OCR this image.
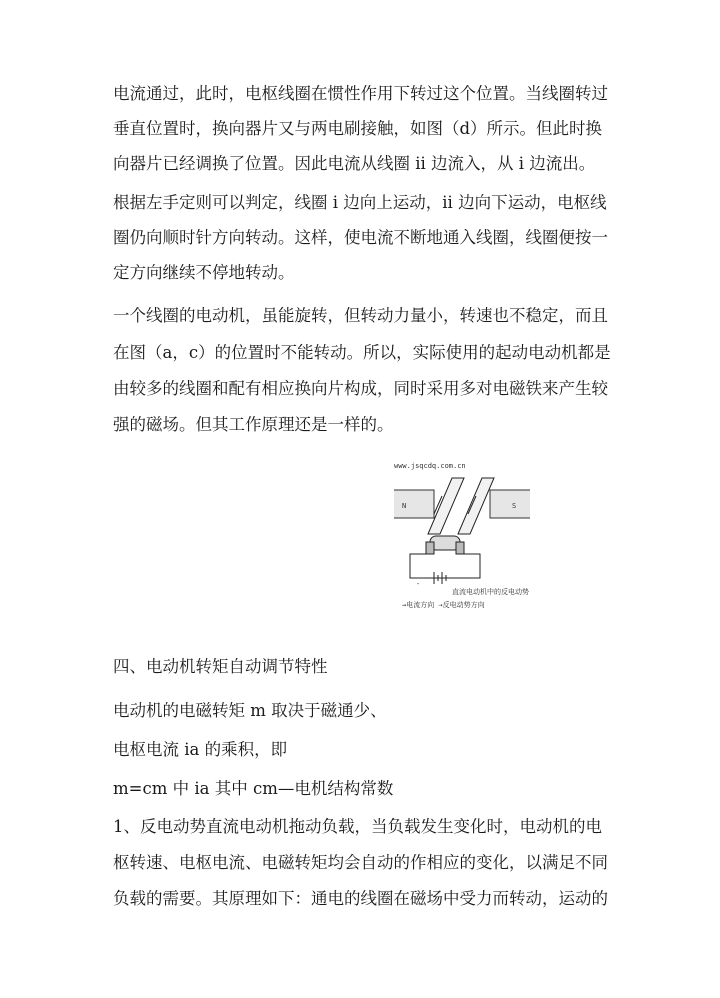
电流通过，此时，电枢线圈在惯性作用下转过这个位置。当线圈转过
垂直位置时，换向器片又与两电刷接触，如图（d）所示。但此时换
向器片已经调换了位置。因此电流从线圈 ii 边流入，从 i 边流出。
根据左手定则可以判定，线圈 i 边向上运动，ii 边向下运动，电枢线
圈仍向顺时针方向转动。这样，使电流不断地通入线圈，线圈便按一
定方向继续不停地转动。
一个线圈的电动机，虽能旋转，但转动力量小，转速也不稳定，而且
在图（a，c）的位置时不能转动。所以，实际使用的起动电动机都是
由较多的线圈和配有相应换向片构成，同时采用多对电磁铁来产生较
强的磁场。但其工作原理还是一样的。
www.jsqcdq.com.cn
N	S
-
直流电动机中的反电动势
→电流方向 ⇢反电动势方向
四、电动机转矩自动调节特性
电动机的电磁转矩 m 取决于磁通少、
电枢电流 ia 的乘积，即
m=cm 中 ia 其中 cm—电机结构常数
1、反电动势直流电动机拖动负载，当负载发生变化时，电动机的电
枢转速、电枢电流、电磁转矩均会自动的作相应的变化，以满足不同
负载的需要。其原理如下：通电的线圈在磁场中受力而转动，运动的
